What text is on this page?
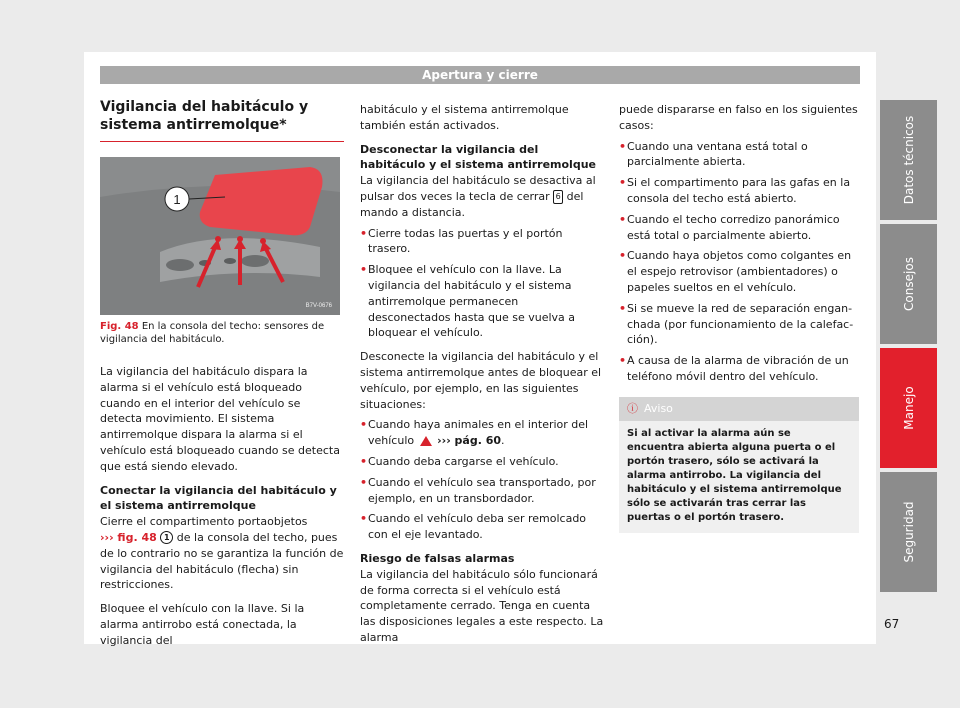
Apertura y cierre
Vigilancia del habitáculo y sistema antirremolque*
1
B7V-0676
Fig. 48 En la consola del techo: sensores de vigilancia del habitáculo.

La vigilancia del habitáculo dispara la alarma si el vehículo está bloqueado cuando en el interior del vehículo se detecta movimiento. El sistema antirremolque dispara la alarma si el vehículo está bloqueado cuando se detecta que está siendo elevado.

Conectar la vigilancia del habitáculo y el sistema antirremolque

Cierre el compartimento portaobjetos
››› fig. 48 1 de la consola del techo, pues de lo contrario no se garantiza la función de vigilancia del habitáculo (flecha) sin restricciones.

Bloquee el vehículo con la llave. Si la alarma antirrobo está conectada, la vigilancia del

habitáculo y el sistema antirremolque también están activados.

Desconectar la vigilancia del habitáculo y el sistema antirremolque

La vigilancia del habitáculo se desactiva al pulsar dos veces la tecla de cerrar 6 del mando a distancia.

• Cierre todas las puertas y el portón trasero.
• Bloquee el vehículo con la llave. La vigilancia del habitáculo y el sistema antirremolque permanecen desconectados hasta que se vuelva a bloquear el vehículo.

Desconecte la vigilancia del habitáculo y el sistema antirremolque antes de bloquear el vehículo, por ejemplo, en las siguientes situaciones:

• Cuando haya animales en el interior del vehículo ››› pág. 60.
• Cuando deba cargarse el vehículo.
• Cuando el vehículo sea transportado, por ejemplo, en un transbordador.
• Cuando el vehículo deba ser remolcado con el eje levantado.

Riesgo de falsas alarmas

La vigilancia del habitáculo sólo funcionará de forma correcta si el vehículo está completamente cerrado. Tenga en cuenta las disposiciones legales a este respecto. La alarma

puede dispararse en falso en los siguientes casos:

• Cuando una ventana está total o parcialmente abierta.
• Si el compartimento para las gafas en la consola del techo está abierto.
• Cuando el techo corredizo panorámico está total o parcialmente abierto.
• Cuando haya objetos como colgantes en el espejo retrovisor (ambientadores) o papeles sueltos en el vehículo.
• Si se mueve la red de separación enganchada (por funcionamiento de la calefacción).
• A causa de la alarma de vibración de un teléfono móvil dentro del vehículo.
ⓘ Aviso
Si al activar la alarma aún se encuentra abierta alguna puerta o el portón trasero, sólo se activará la alarma antirrobo. La vigilancia del habitáculo y el sistema antirremolque sólo se activarán tras cerrar las puertas o el portón trasero.
Datos técnicos
Consejos
Manejo
Seguridad
67
